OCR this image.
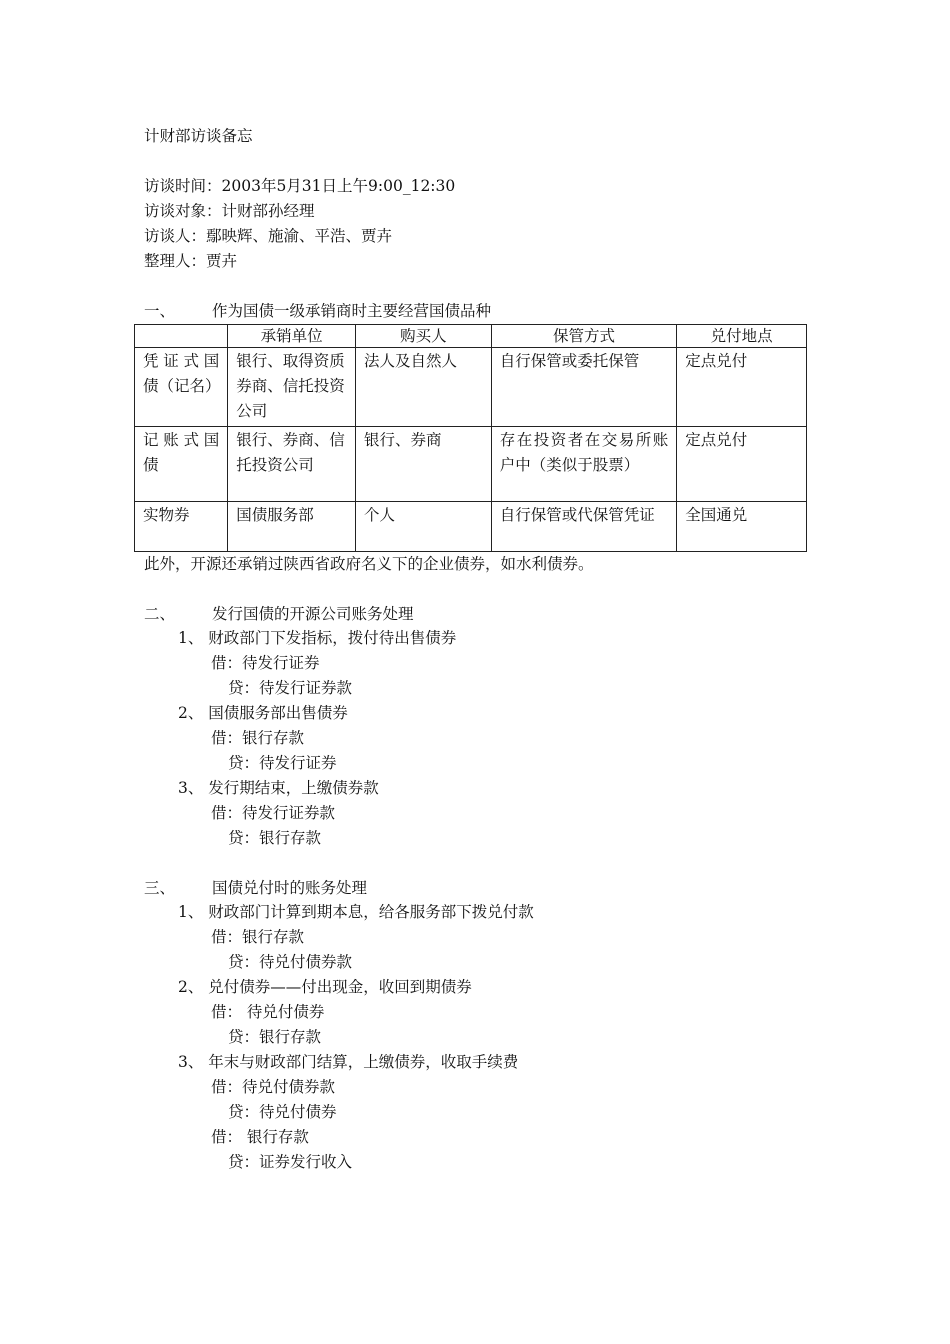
计财部访谈备忘
访谈时间：2003年5月31日上午9:00_12:30
访谈对象：计财部孙经理
访谈人：鄢映辉、施渝、平浩、贾卉
整理人：贾卉
一、 作为国债一级承销商时主要经营国债品种
	承销单位	购买人	保管方式	兑付地点
凭证式国债（记名）	银行、取得资质券商、信托投资公司	法人及自然人	自行保管或委托保管	定点兑付
记账式国债	银行、券商、信托投资公司	银行、券商	存在投资者在交易所账户中（类似于股票）	定点兑付
实物券	国债服务部	个人	自行保管或代保管凭证	全国通兑
此外，开源还承销过陕西省政府名义下的企业债券，如水利债券。
二、 发行国债的开源公司账务处理
1、 财政部门下发指标，拨付待出售债券
借：待发行证券
贷：待发行证券款
2、 国债服务部出售债券
借：银行存款
贷：待发行证券
3、 发行期结束，上缴债券款
借：待发行证券款
贷：银行存款
三、 国债兑付时的账务处理
1、 财政部门计算到期本息，给各服务部下拨兑付款
借：银行存款
贷：待兑付债券款
2、 兑付债券——付出现金，收回到期债券
借： 待兑付债券
贷：银行存款
3、 年末与财政部门结算，上缴债券，收取手续费
借：待兑付债券款
贷：待兑付债券
借： 银行存款
贷：证券发行收入
